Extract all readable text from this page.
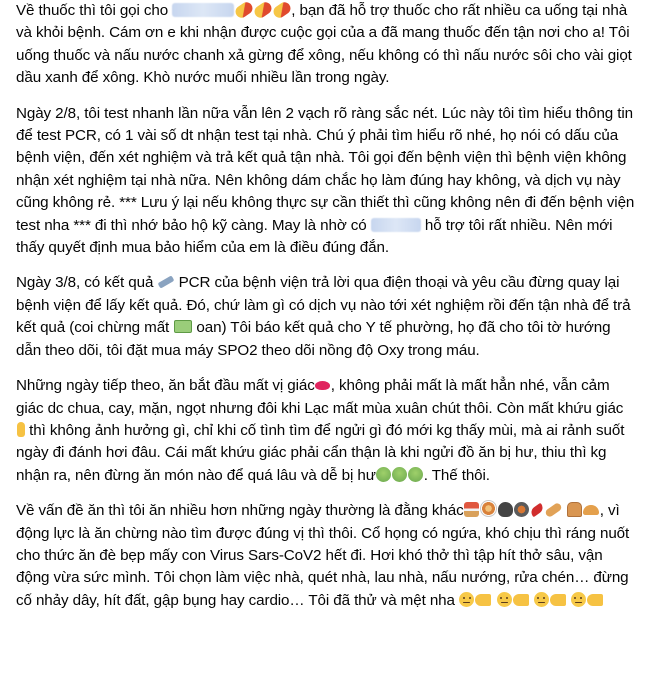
Về thuốc thì tôi gọi cho	, bạn đã hỗ trợ thuốc cho rất nhiều ca uống tại nhà và khỏi bệnh. Cám ơn e khi nhận được cuộc gọi của a đã mang thuốc đến tận nơi cho a! Tôi uống thuốc và nấu nước chanh xả gừng để xông, nếu không có thì nấu nước sôi cho vài giọt dầu xanh để xông. Khò nước muối nhiều lần trong ngày.

Ngày 2/8, tôi test nhanh lần nữa vẫn lên 2 vạch rõ ràng sắc nét. Lúc này tôi tìm hiểu thông tin để test PCR, có 1 vài số dt nhận test tại nhà. Chú ý phải tìm hiểu rõ nhé, họ nói có dấu của bệnh viện, đến xét nghiệm và trả kết quả tận nhà. Tôi gọi đến bệnh viện thì bệnh viện không nhận xét nghiệm tại nhà nữa. Nên không dám chắc họ làm đúng hay không, và dịch vụ này cũng không rẻ. *** Lưu ý lại nếu không thực sự cần thiết thì cũng không nên đi đến bệnh viện test nha *** đi thì nhớ bảo hộ kỹ càng. May là nhờ có	hỗ trợ tôi rất nhiều. Nên mới thấy quyết định mua bảo hiểm của em là điều đúng đắn.

Ngày 3/8, có kết quả PCR của bệnh viện trả lời qua điện thoại và yêu cầu đừng quay lại bệnh viện để lấy kết quả. Đó, chứ làm gì có dịch vụ nào tới xét nghiệm rồi đến tận nhà để trả kết quả (coi chừng mất oan) Tôi báo kết quả cho Y tế phường, họ đã cho tôi tờ hướng dẫn theo dõi, tôi đặt mua máy SPO2 theo dõi nồng độ Oxy trong máu.

Những ngày tiếp theo, ăn bắt đầu mất vị giác , không phải mất là mất hẳn nhé, vẫn cảm giác dc chua, cay, mặn, ngọt nhưng đôi khi Lạc mất mùa xuân chút thôi. Còn mất khứu giác  thì không ảnh hưởng gì, chỉ khi cố tình tìm để ngửi gì đó mới kg thấy mùi, mà ai rảnh suốt ngày đi đánh hơi đâu. Cái mất khứu giác phải cẩn thận là khi ngửi đồ ăn bị hư, thiu thì kg nhận ra, nên đừng ăn món nào để quá lâu và dễ bị hư	. Thế thôi.

Về vấn đề ăn thì tôi ăn nhiều hơn những ngày thường là đằng khác	, vì động lực là ăn chừng nào tìm được đúng vị thì thôi. Cổ họng có ngứa, khó chịu thì ráng nuốt cho thức ăn đè bẹp mấy con Virus Sars-CoV2 hết đi. Hơi khó thở thì tập hít thở sâu, vận động vừa sức mình. Tôi chọn làm việc nhà, quét nhà, lau nhà, nấu nướng, rửa chén… đừng cố nhảy dây, hít đất, gập bụng hay cardio… Tôi đã thử và mệt nha
